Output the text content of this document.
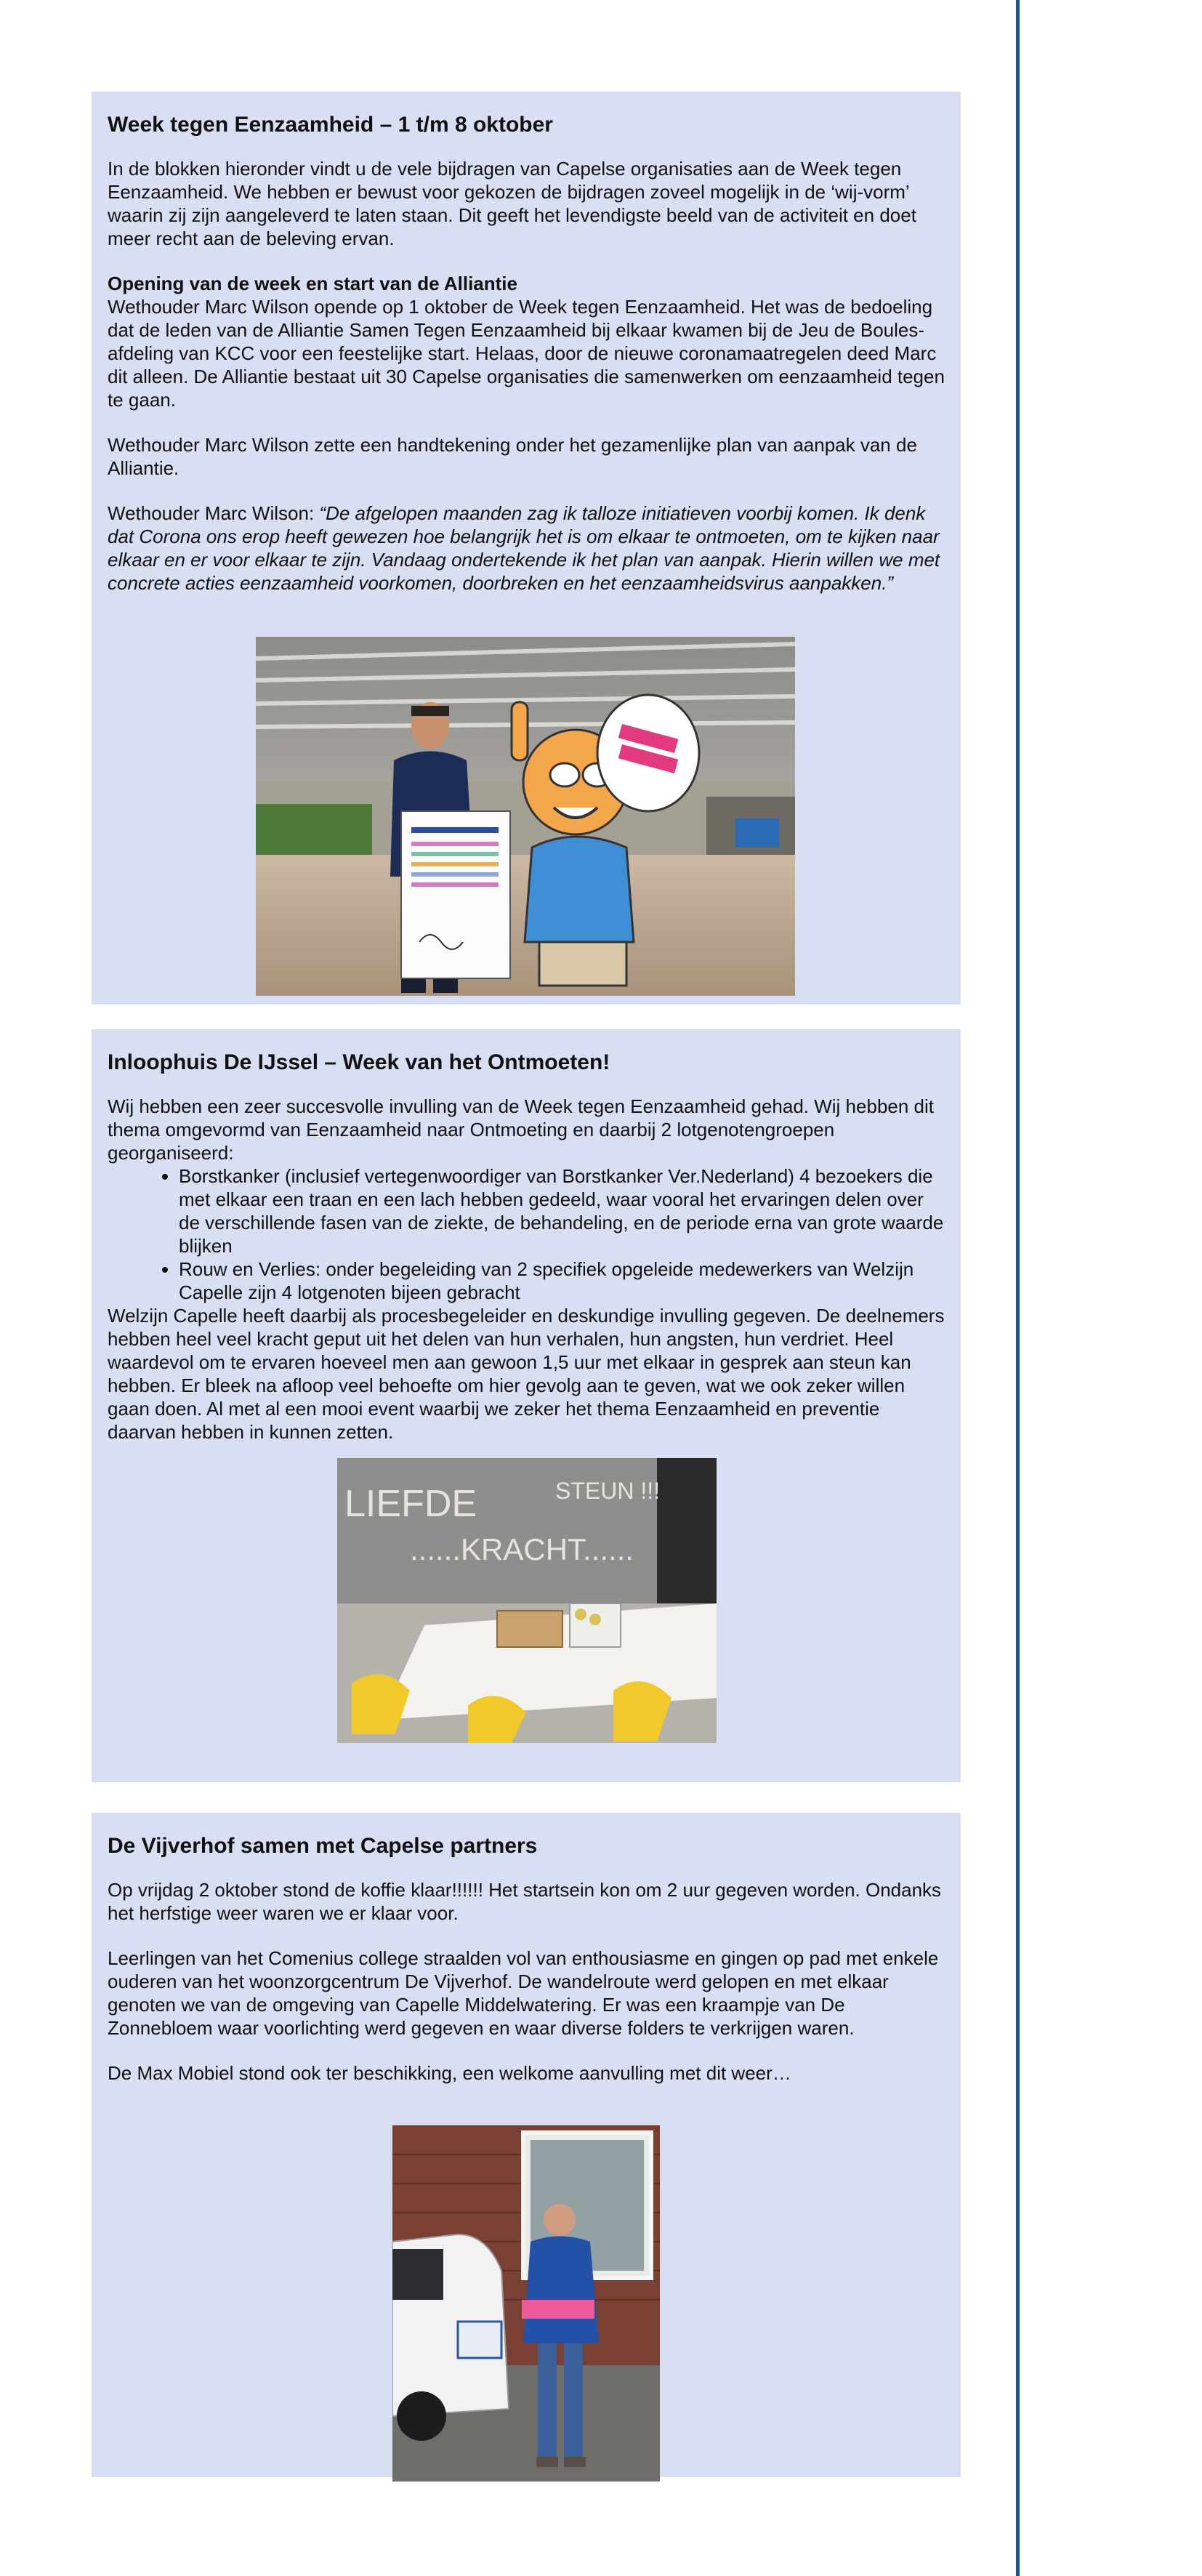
Week tegen Eenzaamheid – 1 t/m 8 oktober

In de blokken hieronder vindt u de vele bijdragen van Capelse organisaties aan de Week tegen Eenzaamheid. We hebben er bewust voor gekozen de bijdragen zoveel mogelijk in de ‘wij-vorm’ waarin zij zijn aangeleverd te laten staan. Dit geeft het levendigste beeld van de activiteit en doet meer recht aan de beleving ervan.

Opening van de week en start van de Alliantie

Wethouder Marc Wilson opende op 1 oktober de Week tegen Eenzaamheid. Het was de bedoeling dat de leden van de Alliantie Samen Tegen Eenzaamheid bij elkaar kwamen bij de Jeu de Boules-afdeling van KCC voor een feestelijke start. Helaas, door de nieuwe coronamaatregelen deed Marc dit alleen. De Alliantie bestaat uit 30 Capelse organisaties die samenwerken om eenzaamheid tegen te gaan.

Wethouder Marc Wilson zette een handtekening onder het gezamenlijke plan van aanpak van de Alliantie.

Wethouder Marc Wilson: “De afgelopen maanden zag ik talloze initiatieven voorbij komen. Ik denk dat Corona ons erop heeft gewezen hoe belangrijk het is om elkaar te ontmoeten, om te kijken naar elkaar en er voor elkaar te zijn. Vandaag ondertekende ik het plan van aanpak. Hierin willen we met concrete acties eenzaamheid voorkomen, doorbreken en het eenzaamheidsvirus aanpakken.”

Inloophuis De IJssel – Week van het Ontmoeten!

Wij hebben een zeer succesvolle invulling van de Week tegen Eenzaamheid gehad. Wij hebben dit thema omgevormd van Eenzaamheid naar Ontmoeting en daarbij 2 lotgenotengroepen georganiseerd:

• Borstkanker (inclusief vertegenwoordiger van Borstkanker Ver.Nederland) 4 bezoekers die met elkaar een traan en een lach hebben gedeeld, waar vooral het ervaringen delen over de verschillende fasen van de ziekte, de behandeling, en de periode erna van grote waarde blijken
• Rouw en Verlies: onder begeleiding van 2 specifiek opgeleide medewerkers van Welzijn Capelle zijn 4 lotgenoten bijeen gebracht

Welzijn Capelle heeft daarbij als procesbegeleider en deskundige invulling gegeven. De deelnemers hebben heel veel kracht geput uit het delen van hun verhalen, hun angsten, hun verdriet. Heel waardevol om te ervaren hoeveel men aan gewoon 1,5 uur met elkaar in gesprek aan steun kan hebben. Er bleek na afloop veel behoefte om hier gevolg aan te geven, wat we ook zeker willen gaan doen. Al met al een mooi event waarbij we zeker het thema Eenzaamheid en preventie daarvan hebben in kunnen zetten.

LIEFDE	STEUN !!!
......KRACHT......
De Vijverhof samen met Capelse partners

Op vrijdag 2 oktober stond de koffie klaar!!!!!! Het startsein kon om 2 uur gegeven worden. Ondanks het herfstige weer waren we er klaar voor.

Leerlingen van het Comenius college straalden vol van enthousiasme en gingen op pad met enkele ouderen van het woonzorgcentrum De Vijverhof. De wandelroute werd gelopen en met elkaar genoten we van de omgeving van Capelle Middelwatering. Er was een kraampje van De Zonnebloem waar voorlichting werd gegeven en waar diverse folders te verkrijgen waren.

De Max Mobiel stond ook ter beschikking, een welkome aanvulling met dit weer…
